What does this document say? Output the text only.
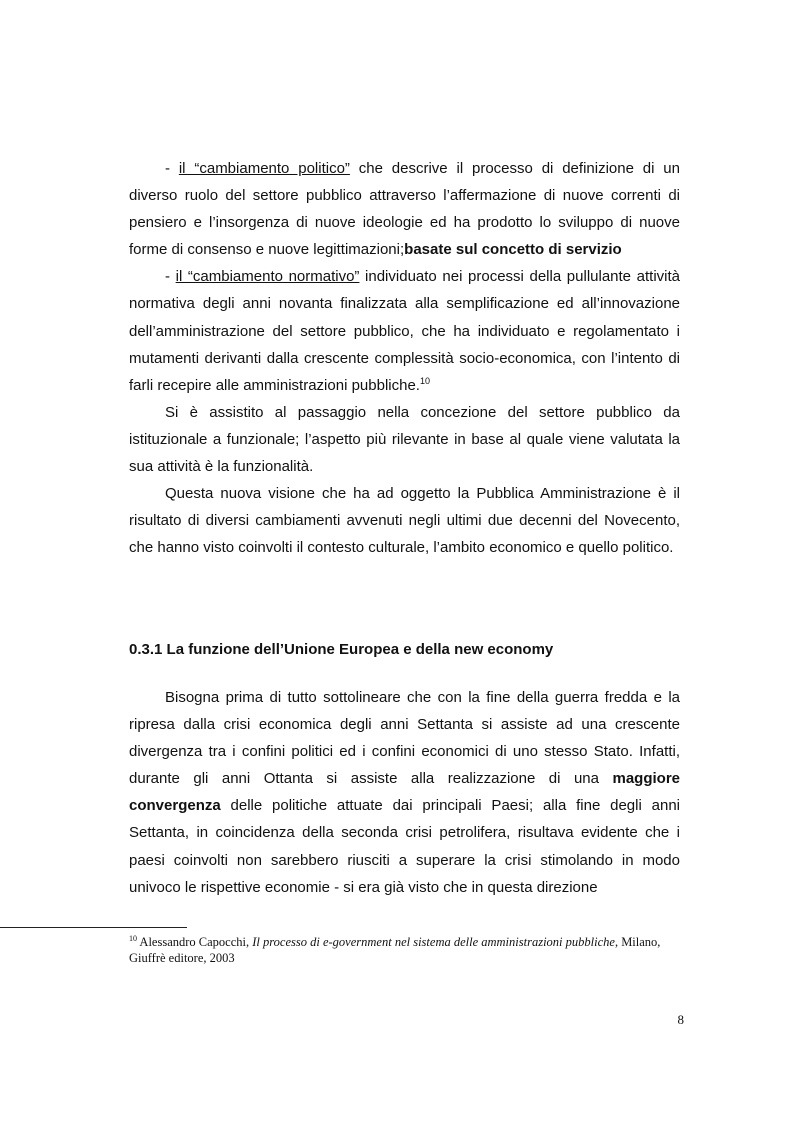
- il “cambiamento politico” che descrive il processo di definizione di un diverso ruolo del settore pubblico attraverso l’affermazione di nuove correnti di pensiero e l’insorgenza di nuove ideologie ed ha prodotto lo sviluppo di nuove forme di consenso e nuove legittimazioni;basate sul concetto di servizio

- il “cambiamento normativo” individuato nei processi della pullulante attività normativa degli anni novanta finalizzata alla semplificazione ed all’innovazione dell’amministrazione del settore pubblico, che ha individuato e regolamentato i mutamenti derivanti dalla crescente complessità socio-economica, con l’intento di farli recepire alle amministrazioni pubbliche.$^{10}$

Si è assistito al passaggio nella concezione del settore pubblico da istituzionale a funzionale; l’aspetto più rilevante in base al quale viene valutata la sua attività è la funzionalità.

Questa nuova visione che ha ad oggetto la Pubblica Amministrazione è il risultato di diversi cambiamenti avvenuti negli ultimi due decenni del Novecento, che hanno visto coinvolti il contesto culturale, l’ambito economico e quello politico.

0.3.1 La funzione dell’Unione Europea e della new economy

Bisogna prima di tutto sottolineare che con la fine della guerra fredda e la ripresa dalla crisi economica degli anni Settanta si assiste ad una crescente divergenza tra i confini politici ed i confini economici di uno stesso Stato. Infatti, durante gli anni Ottanta si assiste alla realizzazione di una maggiore convergenza delle politiche attuate dai principali Paesi; alla fine degli anni Settanta, in coincidenza della seconda crisi petrolifera, risultava evidente che i paesi coinvolti non sarebbero riusciti a superare la crisi stimolando in modo univoco le rispettive economie - si era già visto che in questa direzione

$^{10}$ Alessandro Capocchi, Il processo di e-government nel sistema delle amministrazioni pubbliche, Milano, Giuffrè editore, 2003

8
